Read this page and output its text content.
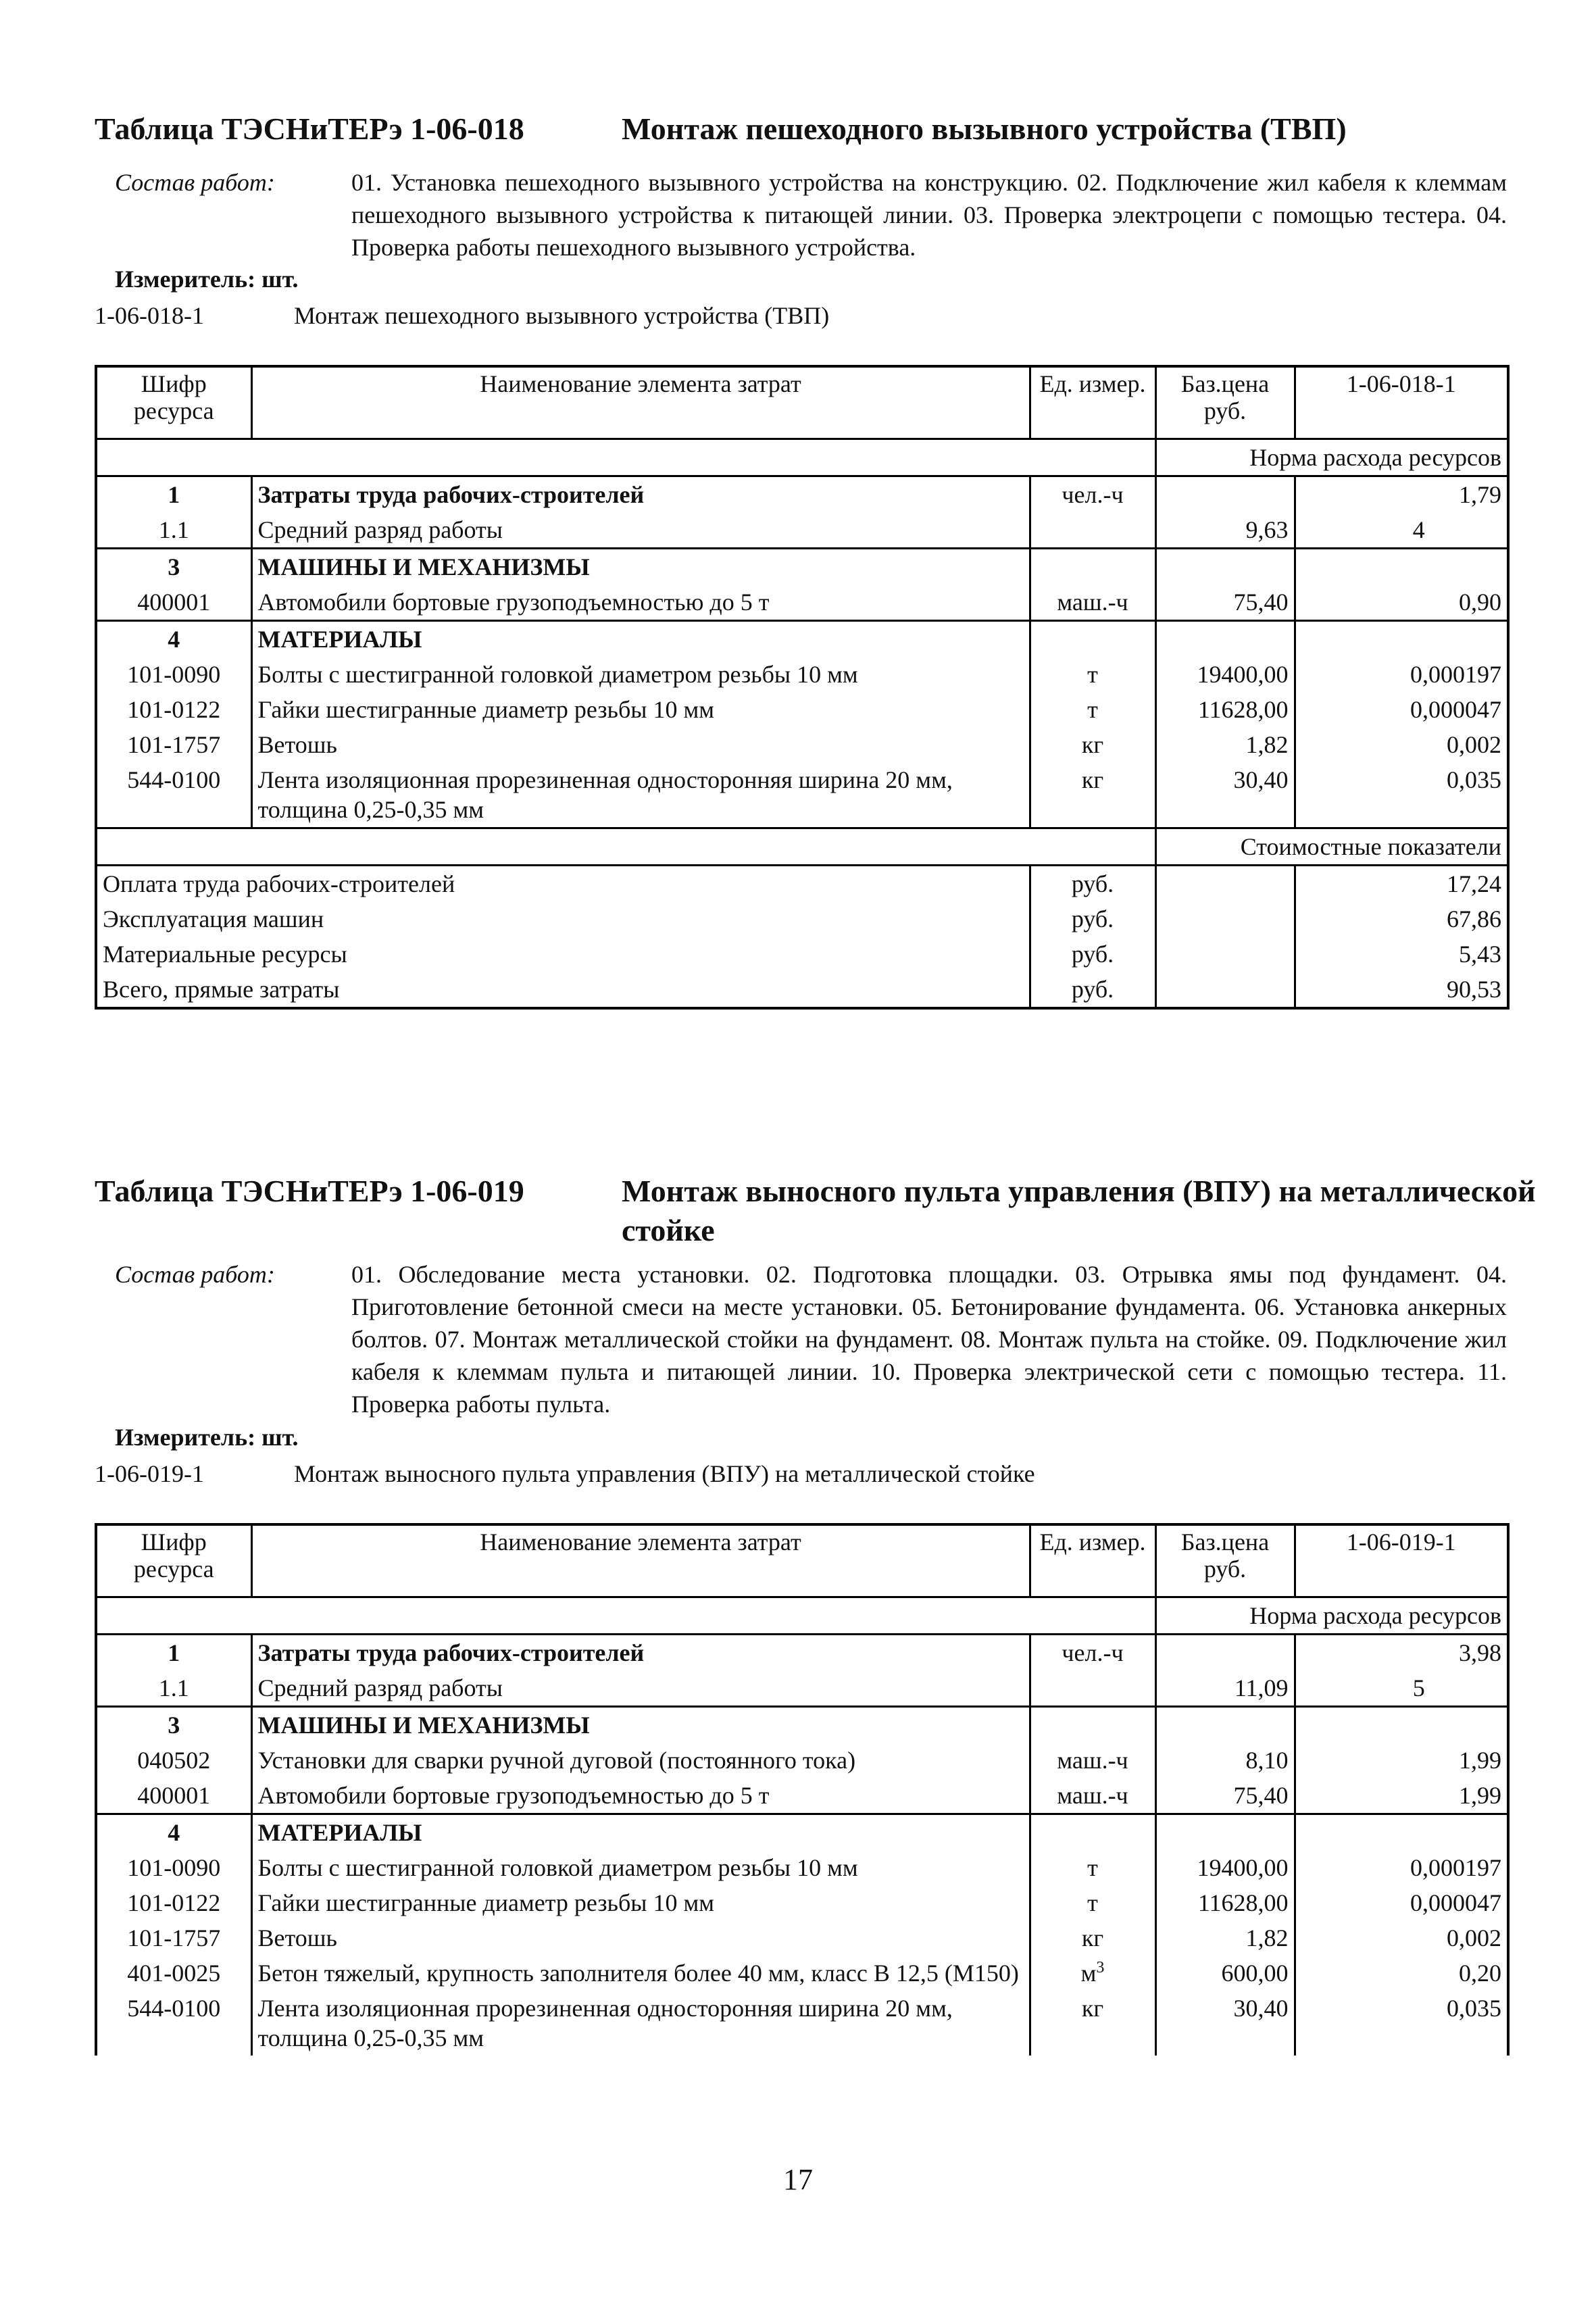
Таблица ТЭСНиТЕРэ 1-06-018	Монтаж пешеходного вызывного устройства (ТВП)
Состав работ:	01. Установка пешеходного вызывного устройства на конструкцию. 02. Подключение жил кабеля к клеммам пешеходного вызывного устройства к питающей линии. 03. Проверка электроцепи с помощью тестера. 04. Проверка работы пешеходного вызывного устройства.
Измеритель: шт.
1-06-018-1	Монтаж пешеходного вызывного устройства (ТВП)
Шифр ресурса	Наименование элемента затрат	Ед. измер.	Баз.цена руб.	1-06-018-1
			Норма расхода ресурсов	
1	Затраты труда рабочих-строителей	чел.-ч		1,79
1.1	Средний разряд работы		9,63	4
3	МАШИНЫ И МЕХАНИЗМЫ			
400001	Автомобили бортовые грузоподъемностью до 5 т	маш.-ч	75,40	0,90
4	МАТЕРИАЛЫ			
101-0090	Болты с шестигранной головкой диаметром резьбы 10 мм	т	19400,00	0,000197
101-0122	Гайки шестигранные диаметр резьбы 10 мм	т	11628,00	0,000047
101-1757	Ветошь	кг	1,82	0,002
544-0100	Лента изоляционная прорезиненная односторонняя ширина 20 мм, толщина 0,25-0,35 мм	кг	30,40	0,035
			Стоимостные показатели	
Оплата труда рабочих-строителей		руб.		17,24
Эксплуатация машин		руб.		67,86
Материальные ресурсы		руб.		5,43
Всего, прямые затраты		руб.		90,53
Таблица ТЭСНиТЕРэ 1-06-019	Монтаж выносного пульта управления (ВПУ) на металлической стойке
Состав работ:	01. Обследование места установки. 02. Подготовка площадки. 03. Отрывка ямы под фундамент. 04. Приготовление бетонной смеси на месте установки. 05. Бетонирование фундамента. 06. Установка анкерных болтов. 07. Монтаж металлической стойки на фундамент. 08. Монтаж пульта на стойке. 09. Подключение жил кабеля к клеммам пульта и питающей линии. 10. Проверка электрической сети с помощью тестера. 11. Проверка работы пульта.
Измеритель: шт.
1-06-019-1	Монтаж выносного пульта управления (ВПУ) на металлической стойке
Шифр ресурса	Наименование элемента затрат	Ед. измер.	Баз.цена руб.	1-06-019-1
			Норма расхода ресурсов	
1	Затраты труда рабочих-строителей	чел.-ч		3,98
1.1	Средний разряд работы		11,09	5
3	МАШИНЫ И МЕХАНИЗМЫ			
040502	Установки для сварки ручной дуговой (постоянного тока)	маш.-ч	8,10	1,99
400001	Автомобили бортовые грузоподъемностью до 5 т	маш.-ч	75,40	1,99
4	МАТЕРИАЛЫ			
101-0090	Болты с шестигранной головкой диаметром резьбы 10 мм	т	19400,00	0,000197
101-0122	Гайки шестигранные диаметр резьбы 10 мм	т	11628,00	0,000047
101-1757	Ветошь	кг	1,82	0,002
401-0025	Бетон тяжелый, крупность заполнителя более 40 мм, класс В 12,5 (М150)	$м^3$	600,00	0,20
544-0100	Лента изоляционная прорезиненная односторонняя ширина 20 мм, толщина 0,25-0,35 мм	кг	30,40	0,035
17
